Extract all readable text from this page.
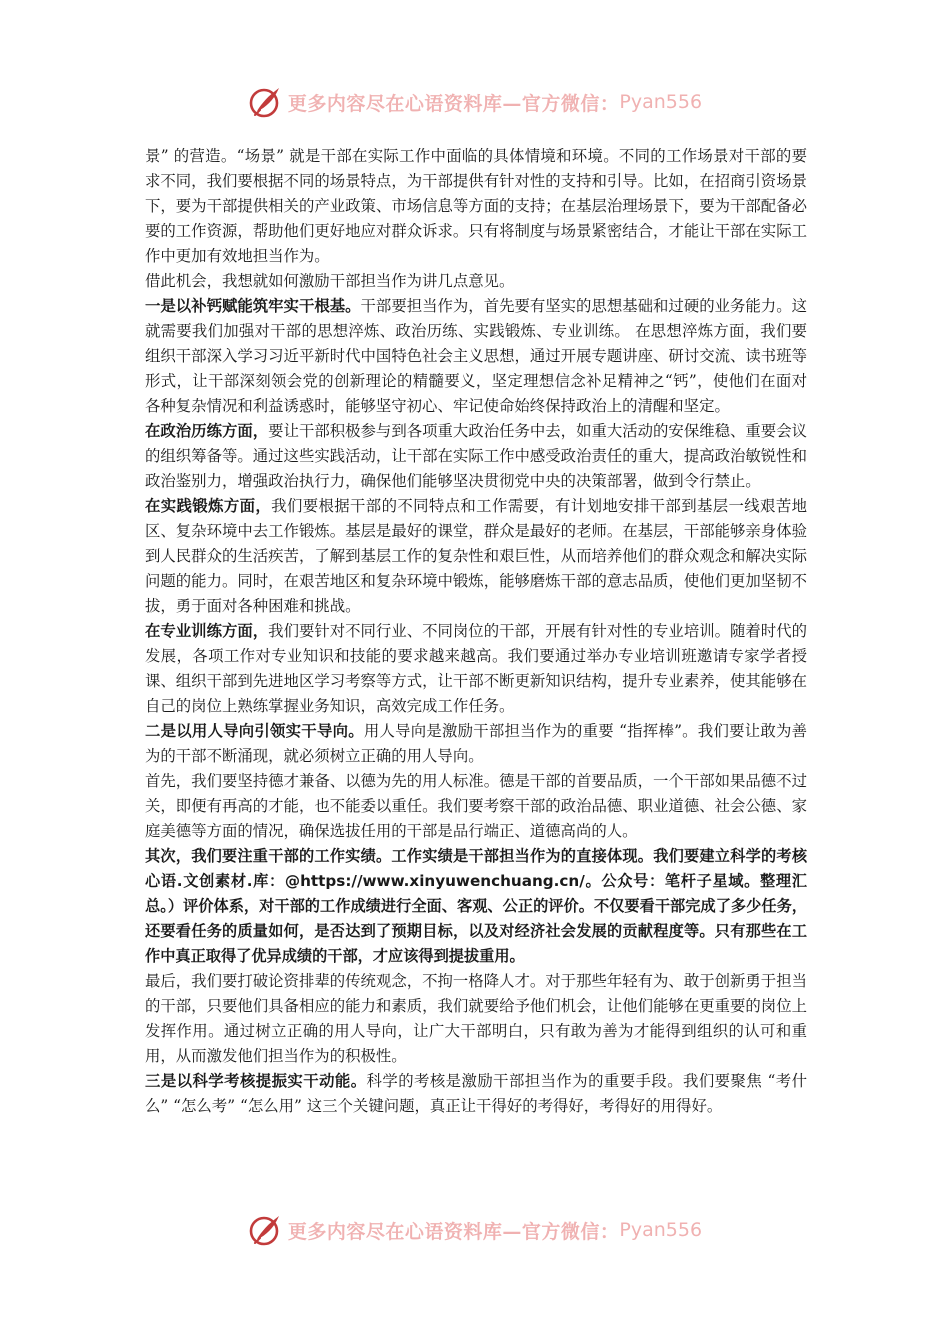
更多内容尽在心语资料库—官方微信： Pyan556

景” 的营造。“场景” 就是干部在实际工作中面临的具体情境和环境。不同的工作场景对干部的要求不同，我们要根据不同的场景特点，为干部提供有针对性的支持和引导。比如，在招商引资场景下，要为干部提供相关的产业政策、市场信息等方面的支持；在基层治理场景下，要为干部配备必要的工作资源，帮助他们更好地应对群众诉求。只有将制度与场景紧密结合，才能让干部在实际工作中更加有效地担当作为。

借此机会，我想就如何激励干部担当作为讲几点意见。

一是以补钙赋能筑牢实干根基。干部要担当作为，首先要有坚实的思想基础和过硬的业务能力。这就需要我们加强对干部的思想淬炼、政治历练、实践锻炼、专业训练。 在思想淬炼方面，我们要组织干部深入学习习近平新时代中国特色社会主义思想，通过开展专题讲座、研讨交流、读书班等形式，让干部深刻领会党的创新理论的精髓要义，坚定理想信念补足精神之“钙”，使他们在面对各种复杂情况和利益诱惑时，能够坚守初心、牢记使命始终保持政治上的清醒和坚定。

在政治历练方面，要让干部积极参与到各项重大政治任务中去，如重大活动的安保维稳、重要会议的组织筹备等。通过这些实践活动，让干部在实际工作中感受政治责任的重大，提高政治敏锐性和政治鉴别力，增强政治执行力，确保他们能够坚决贯彻党中央的决策部署，做到令行禁止。

在实践锻炼方面，我们要根据干部的不同特点和工作需要，有计划地安排干部到基层一线艰苦地区、复杂环境中去工作锻炼。基层是最好的课堂，群众是最好的老师。在基层，干部能够亲身体验到人民群众的生活疾苦，了解到基层工作的复杂性和艰巨性，从而培养他们的群众观念和解决实际问题的能力。同时，在艰苦地区和复杂环境中锻炼，能够磨炼干部的意志品质，使他们更加坚韧不拔，勇于面对各种困难和挑战。

在专业训练方面，我们要针对不同行业、不同岗位的干部，开展有针对性的专业培训。随着时代的发展，各项工作对专业知识和技能的要求越来越高。我们要通过举办专业培训班邀请专家学者授课、组织干部到先进地区学习考察等方式，让干部不断更新知识结构，提升专业素养，使其能够在自己的岗位上熟练掌握业务知识，高效完成工作任务。

二是以用人导向引领实干导向。用人导向是激励干部担当作为的重要 “指挥棒”。我们要让敢为善为的干部不断涌现，就必须树立正确的用人导向。

首先，我们要坚持德才兼备、以德为先的用人标准。德是干部的首要品质，一个干部如果品德不过关，即便有再高的才能，也不能委以重任。我们要考察干部的政治品德、职业道德、社会公德、家庭美德等方面的情况，确保选拔任用的干部是品行端正、道德高尚的人。

其次，我们要注重干部的工作实绩。工作实绩是干部担当作为的直接体现。我们要建立科学的考核心语.文创素材.库：@https://www.xinyuwenchuang.cn/。公众号：笔杆子星域。整理汇总。）评价体系，对干部的工作成绩进行全面、客观、公正的评价。不仅要看干部完成了多少任务，还要看任务的质量如何，是否达到了预期目标，以及对经济社会发展的贡献程度等。只有那些在工作中真正取得了优异成绩的干部，才应该得到提拔重用。

最后，我们要打破论资排辈的传统观念，不拘一格降人才。对于那些年轻有为、敢于创新勇于担当的干部，只要他们具备相应的能力和素质，我们就要给予他们机会，让他们能够在更重要的岗位上发挥作用。通过树立正确的用人导向，让广大干部明白，只有敢为善为才能得到组织的认可和重用，从而激发他们担当作为的积极性。

三是以科学考核提振实干动能。科学的考核是激励干部担当作为的重要手段。我们要聚焦 “考什么” “怎么考” “怎么用” 这三个关键问题，真正让干得好的考得好，考得好的用得好。

更多内容尽在心语资料库—官方微信： Pyan556
